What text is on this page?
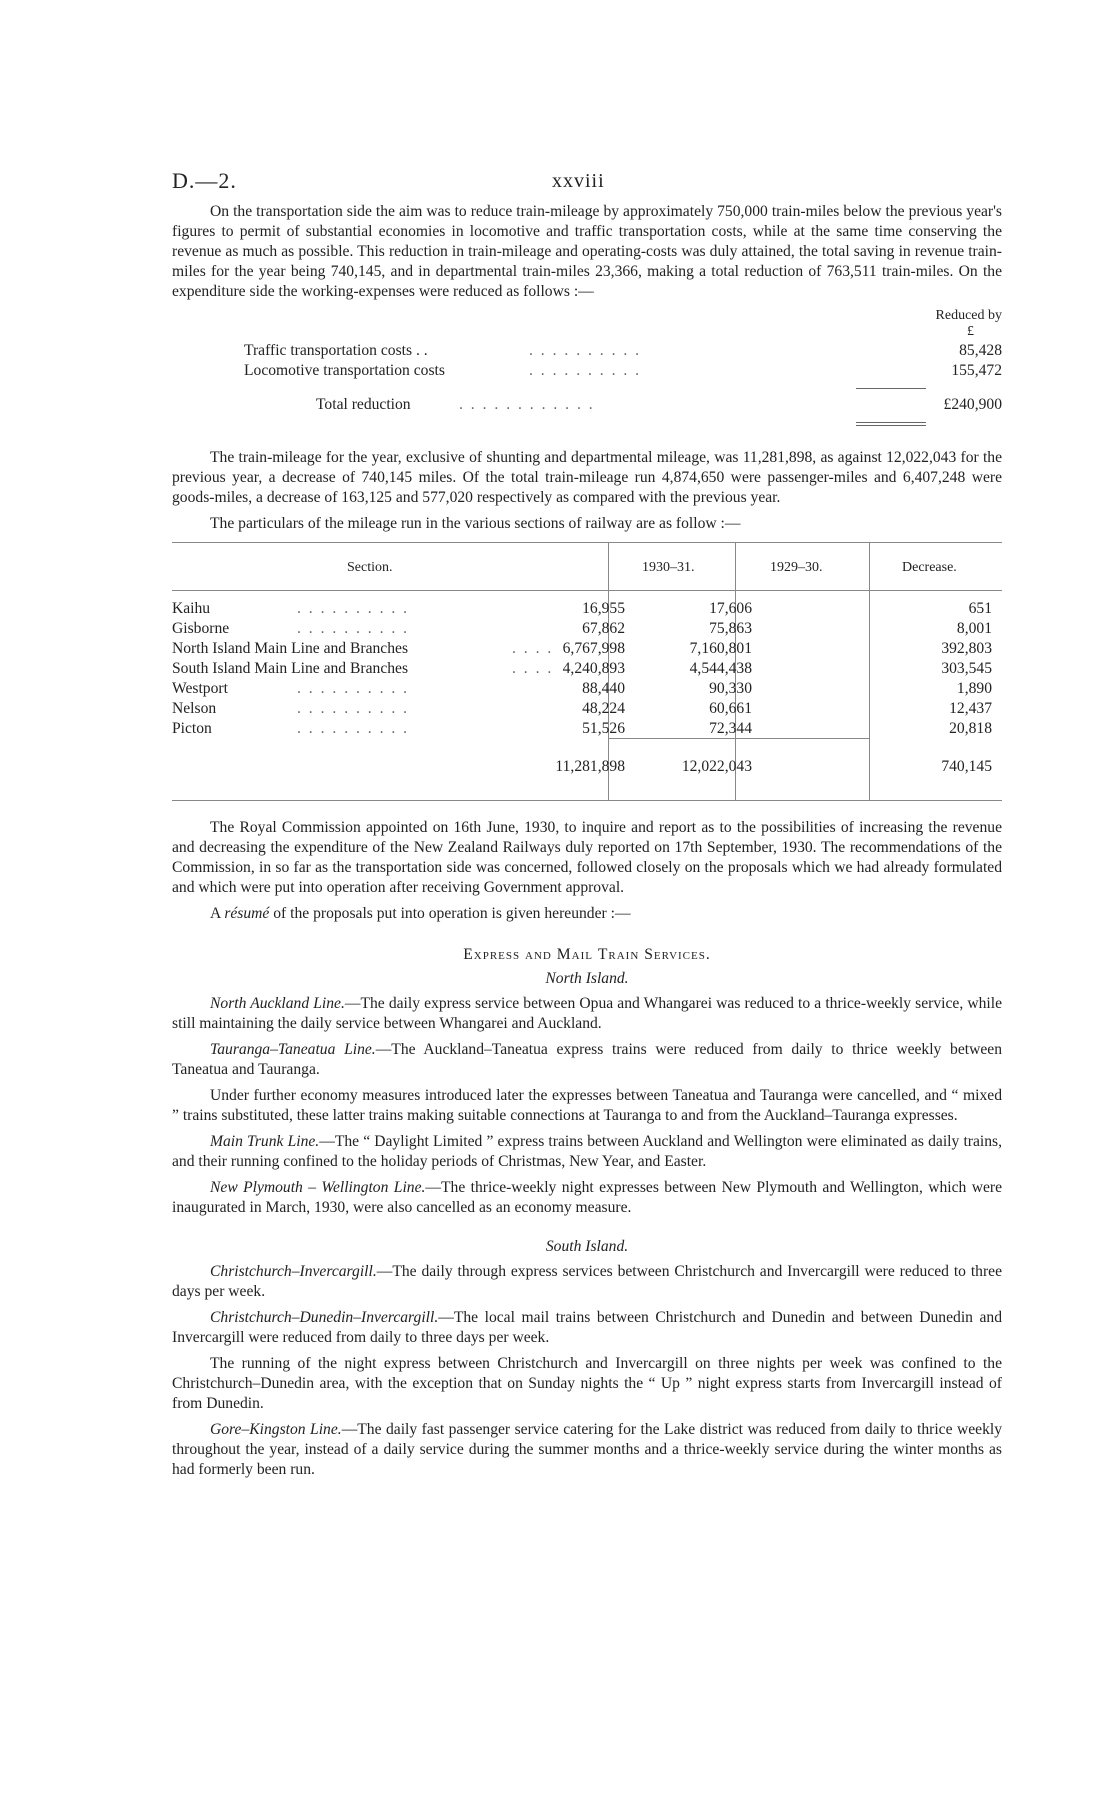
D.—2.	xxviii

On the transportation side the aim was to reduce train-mileage by approximately 750,000 train-miles below the previous year's figures to permit of substantial economies in locomotive and traffic transportation costs, while at the same time conserving the revenue as much as possible. This reduction in train-mileage and operating-costs was duly attained, the total saving in revenue train-miles for the year being 740,145, and in departmental train-miles 23,366, making a total reduction of 763,511 train-miles. On the expenditure side the working-expenses were reduced as follows :—

Reduced by
£
Traffic transportation costs . .	. . . . . . . . . .	85,428
Locomotive transportation costs	. . . . . . . . . .	155,472
Total reduction	. . . . . . . . . . . .	£240,900

The train-mileage for the year, exclusive of shunting and departmental mileage, was 11,281,898, as against 12,022,043 for the previous year, a decrease of 740,145 miles. Of the total train-mileage run 4,874,650 were passenger-miles and 6,407,248 were goods-miles, a decrease of 163,125 and 577,020 respectively as compared with the previous year.

The particulars of the mileage run in the various sections of railway are as follow :—

Section.	1930–31.	1929–30.	Decrease.
Kaihu	. . . . . . . . . .	16,955	17,606	651
Gisborne	. . . . . . . . . .	67,862	75,863	8,001
North Island Main Line and Branches	. . . . 6,767,998	7,160,801	392,803
South Island Main Line and Branches	. . . . 4,240,893	4,544,438	303,545
Westport	. . . . . . . . . .	88,440	90,330	1,890
Nelson	. . . . . . . . . .	48,224	60,661	12,437
Picton	. . . . . . . . . .	51,526	72,344	20,818
11,281,898	12,022,043	740,145

The Royal Commission appointed on 16th June, 1930, to inquire and report as to the possibilities of increasing the revenue and decreasing the expenditure of the New Zealand Railways duly reported on 17th September, 1930. The recommendations of the Commission, in so far as the transportation side was concerned, followed closely on the proposals which we had already formulated and which were put into operation after receiving Government approval.

A résumé of the proposals put into operation is given hereunder :—

Express and Mail Train Services.
North Island.

North Auckland Line.—The daily express service between Opua and Whangarei was reduced to a thrice-weekly service, while still maintaining the daily service between Whangarei and Auckland.

Tauranga–Taneatua Line.—The Auckland–Taneatua express trains were reduced from daily to thrice weekly between Taneatua and Tauranga.

Under further economy measures introduced later the expresses between Taneatua and Tauranga were cancelled, and “ mixed ” trains substituted, these latter trains making suitable connections at Tauranga to and from the Auckland–Tauranga expresses.

Main Trunk Line.—The “ Daylight Limited ” express trains between Auckland and Wellington were eliminated as daily trains, and their running confined to the holiday periods of Christmas, New Year, and Easter.

New Plymouth – Wellington Line.—The thrice-weekly night expresses between New Plymouth and Wellington, which were inaugurated in March, 1930, were also cancelled as an economy measure.

South Island.

Christchurch–Invercargill.—The daily through express services between Christchurch and Invercargill were reduced to three days per week.

Christchurch–Dunedin–Invercargill.—The local mail trains between Christchurch and Dunedin and between Dunedin and Invercargill were reduced from daily to three days per week.

The running of the night express between Christchurch and Invercargill on three nights per week was confined to the Christchurch–Dunedin area, with the exception that on Sunday nights the “ Up ” night express starts from Invercargill instead of from Dunedin.

Gore–Kingston Line.—The daily fast passenger service catering for the Lake district was reduced from daily to thrice weekly throughout the year, instead of a daily service during the summer months and a thrice-weekly service during the winter months as had formerly been run.
